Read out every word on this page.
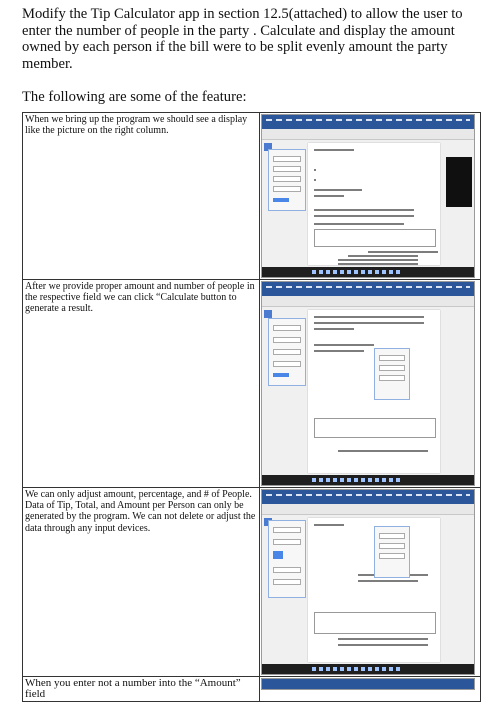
Modify the Tip Calculator app in section 12.5(attached) to allow the user to enter the number of people in the party . Calculate and display the amount owned by each person if the bill were to be split evenly amount the party member.

The following are some of the feature:

When we bring up the program we should see a display like the picture on the right column.	

After we provide proper amount and number of people in the respective field we can click “Calculate button to generate a result.	

We can only adjust amount, percentage, and # of People. Data of Tip, Total, and Amount per Person can only be generated by the program. We can not delete or adjust the data through any input devices.	

When you enter not a number into the “Amount” field	
